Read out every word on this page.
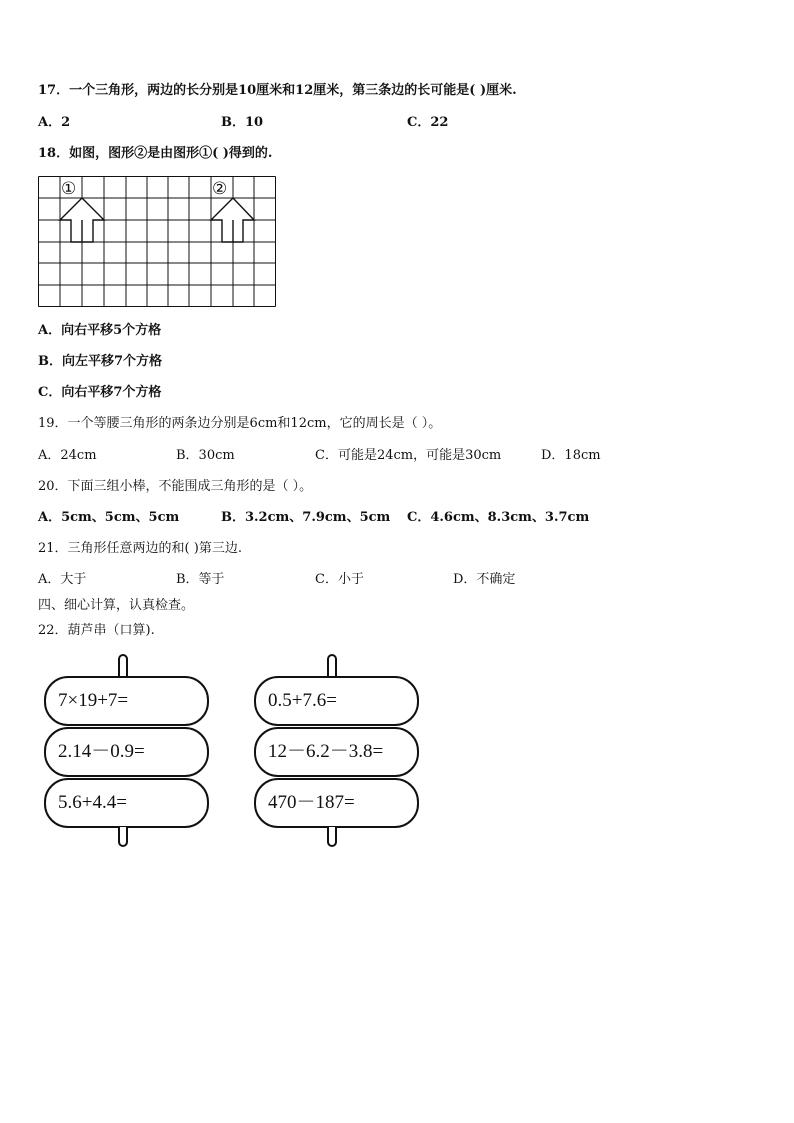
17．一个三角形，两边的长分别是10厘米和12厘米，第三条边的长可能是( )厘米.
A．2	B．10	C．22
18．如图，图形②是由图形①( )得到的.
①	②
A．向右平移5个方格
B．向左平移7个方格
C．向右平移7个方格
19．一个等腰三角形的两条边分别是6cm和12cm，它的周长是（ ）。
A．24cm	B．30cm	C．可能是24cm，可能是30cm	D．18cm
20．下面三组小棒，不能围成三角形的是（ ）。
A．5cm、5cm、5cm	B．3.2cm、7.9cm、5cm C．4.6cm、8.3cm、3.7cm
21．三角形任意两边的和( )第三边.
A．大于	B．等于	C．小于	D．不确定
四、细心计算，认真检查。
22．葫芦串（口算).
7×19+7=
2.14－0.9=
5.6+4.4=
0.5+7.6=
12－6.2－3.8=
470－187=
